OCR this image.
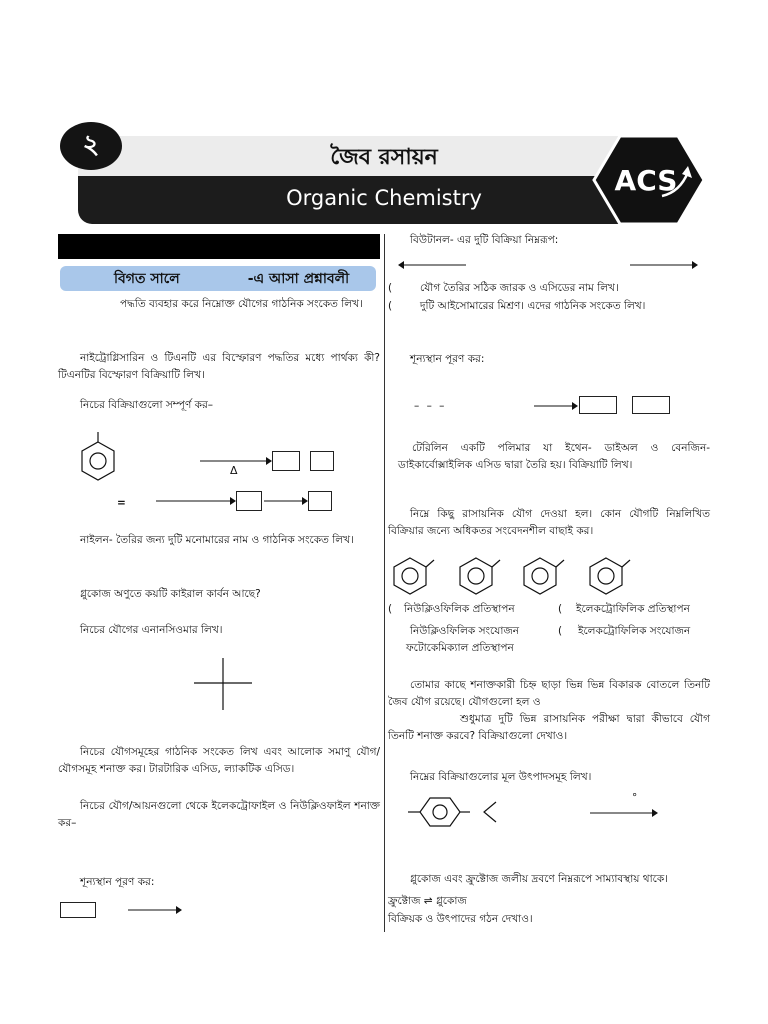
২	জৈব রসায়ন
Organic Chemistry
ACS
বিগত সালে	-এ আসা প্রশ্নাবলী
পদ্ধতি ব্যবহার করে নিম্নোক্ত যৌগের গাঠনিক সংকেত লিখ।
নাইট্রোগ্লিসারিন ও টিএনটি এর বিস্ফোরণ পদ্ধতির মধ্যে পার্থক্য কী? টিএনটির বিস্ফোরণ বিক্রিয়াটি লিখ।
নিচের বিক্রিয়াগুলো সম্পূর্ণ কর–
Δ
=
নাইলন- তৈরির জন্য দুটি মনোমারের নাম ও গাঠনিক সংকেত লিখ।
গ্লুকোজ অণুতে কয়টি কাইরাল কার্বন আছে?
নিচের যৌগের এনানসিওমার লিখ।
নিচের যৌগসমূহের গাঠনিক সংকেত লিখ এবং আলোক সমাণু যৌগ/যৌগসমূহ শনাক্ত কর। টারটারিক এসিড, ল্যাকটিক এসিড।
নিচের যৌগ/আয়নগুলো থেকে ইলেকট্রোফাইল ও নিউক্লিওফাইল শনাক্ত কর–
শূন্যস্থান পূরণ কর:
বিউটানল- এর দুটি বিক্রিয়া নিম্নরূপ:
(	যৌগ তৈরির সঠিক জারক ও এসিডের নাম লিখ।
(	দুটি আইসোমারের মিশ্রণ। এদের গাঠনিক সংকেত লিখ।
শূন্যস্থান পূরণ কর:
– – –
টেরিলিন একটি পলিমার যা ইথেন- ডাইঅল ও বেনজিন-ডাইকার্বোক্সাইলিক এসিড দ্বারা তৈরি হয়। বিক্রিয়াটি লিখ।
নিম্নে কিছু রাসায়নিক যৌগ দেওয়া হল। কোন যৌগটি নিম্নলিখিত বিক্রিয়ার জন্যে অধিকতর সংবেদনশীল বাছাই কর।
( নিউক্লিওফিলিক প্রতিস্থাপন	( ইলেকট্রোফিলিক প্রতিস্থাপন
নিউক্লিওফিলিক সংযোজন	( ইলেকট্রোফিলিক সংযোজন
ফটোকেমিক্যাল প্রতিস্থাপন
তোমার কাছে শনাক্তকারী চিহ্ন ছাড়া ভিন্ন ভিন্ন বিকারক বোতলে তিনটি জৈব যৌগ রয়েছে। যৌগগুলো হল ও
শুধুমাত্র দুটি ভিন্ন রাসায়নিক পরীক্ষা দ্বারা কীভাবে যৌগ তিনটি শনাক্ত করবে? বিক্রিয়াগুলো দেখাও।
নিম্নের বিক্রিয়াগুলোর মূল উৎপাদসমূহ লিখ।
°
গ্লুকোজ এবং ফ্রুক্টোজ জলীয় দ্রবণে নিম্নরূপে সাম্যাবস্থায় থাকে।
ফ্রুক্টোজ ⇌ গ্লুকোজ
বিক্রিয়ক ও উৎপাদের গঠন দেখাও।
